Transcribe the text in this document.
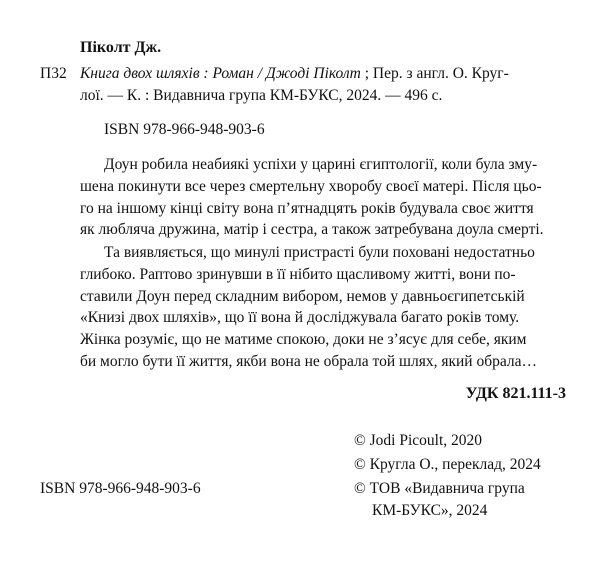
Піколт Дж.
П32 Книга двох шляхів : Роман / Джоді Піколт ; Пер. з англ. О. Круг-
лої. — К. : Видавнича група КМ-БУКС, 2024. — 496 с.
ISBN 978-966-948-903-6
Доун робила неабиякі успіхи у царині єгиптології, коли була зму-
шена покинути все через смертельну хворобу своєї матері. Після цьо-
го на іншому кінці світу вона п’ятнадцять років будувала своє життя
як люблячa дружина, матір і сестра, а також затребувана доула смерті.
Та виявляється, що минулі пристрасті були поховані недостатньо
глибоко. Раптово зринувши в її нібито щасливому житті, вони по-
ставили Доун перед складним вибором, немов у давньоєгипетській
«Книзі двох шляхів», що її вона й досліджувала багато років тому.
Жінка розуміє, що не матиме спокою, доки не з’ясує для себе, яким
би могло бути її життя, якби вона не обрала той шлях, який обрала…
УДК 821.111-3
© Jodi Picoult, 2020
© Кругла О., переклад, 2024
ISBN 978-966-948-903-6	© ТОВ «Видавнича група
КМ-БУКС», 2024
